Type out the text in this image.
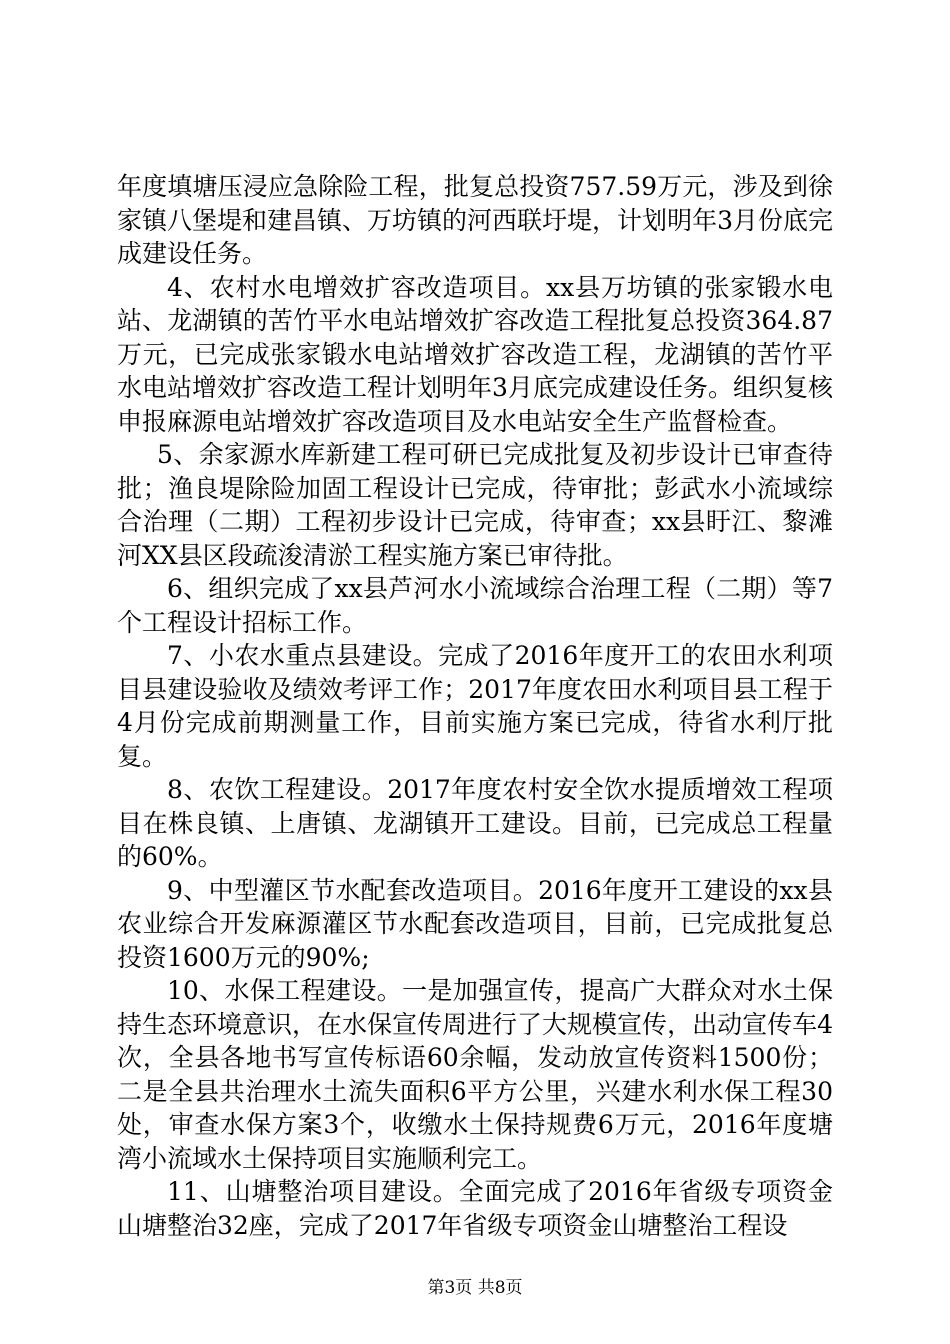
年度填塘压浸应急除险工程，批复总投资757.59万元，涉及到徐家镇八堡堤和建昌镇、万坊镇的河西联圩堤，计划明年3月份底完成建设任务。

4、农村水电增效扩容改造项目。xx县万坊镇的张家锻水电站、龙湖镇的苦竹平水电站增效扩容改造工程批复总投资364.87万元，已完成张家锻水电站增效扩容改造工程，龙湖镇的苦竹平水电站增效扩容改造工程计划明年3月底完成建设任务。组织复核申报麻源电站增效扩容改造项目及水电站安全生产监督检查。

5、余家源水库新建工程可研已完成批复及初步设计已审查待批；渔良堤除险加固工程设计已完成，待审批；彭武水小流域综合治理（二期）工程初步设计已完成，待审查；xx县盱江、黎滩河XX县区段疏浚清淤工程实施方案已审待批。

6、组织完成了xx县芦河水小流域综合治理工程（二期）等7个工程设计招标工作。

7、小农水重点县建设。完成了2016年度开工的农田水利项目县建设验收及绩效考评工作；2017年度农田水利项目县工程于4月份完成前期测量工作，目前实施方案已完成，待省水利厅批复。

8、农饮工程建设。2017年度农村安全饮水提质增效工程项目在株良镇、上唐镇、龙湖镇开工建设。目前，已完成总工程量的60%。

9、中型灌区节水配套改造项目。2016年度开工建设的xx县农业综合开发麻源灌区节水配套改造项目，目前，已完成批复总投资1600万元的90%;

10、水保工程建设。一是加强宣传，提高广大群众对水土保持生态环境意识，在水保宣传周进行了大规模宣传，出动宣传车4次，全县各地书写宣传标语60余幅，发动放宣传资料1500份；二是全县共治理水土流失面积6平方公里，兴建水利水保工程30处，审查水保方案3个，收缴水土保持规费6万元，2016年度塘湾小流域水土保持项目实施顺利完工。

11、山塘整治项目建设。全面完成了2016年省级专项资金山塘整治32座，完成了2017年省级专项资金山塘整治工程设

第3页 共8页
